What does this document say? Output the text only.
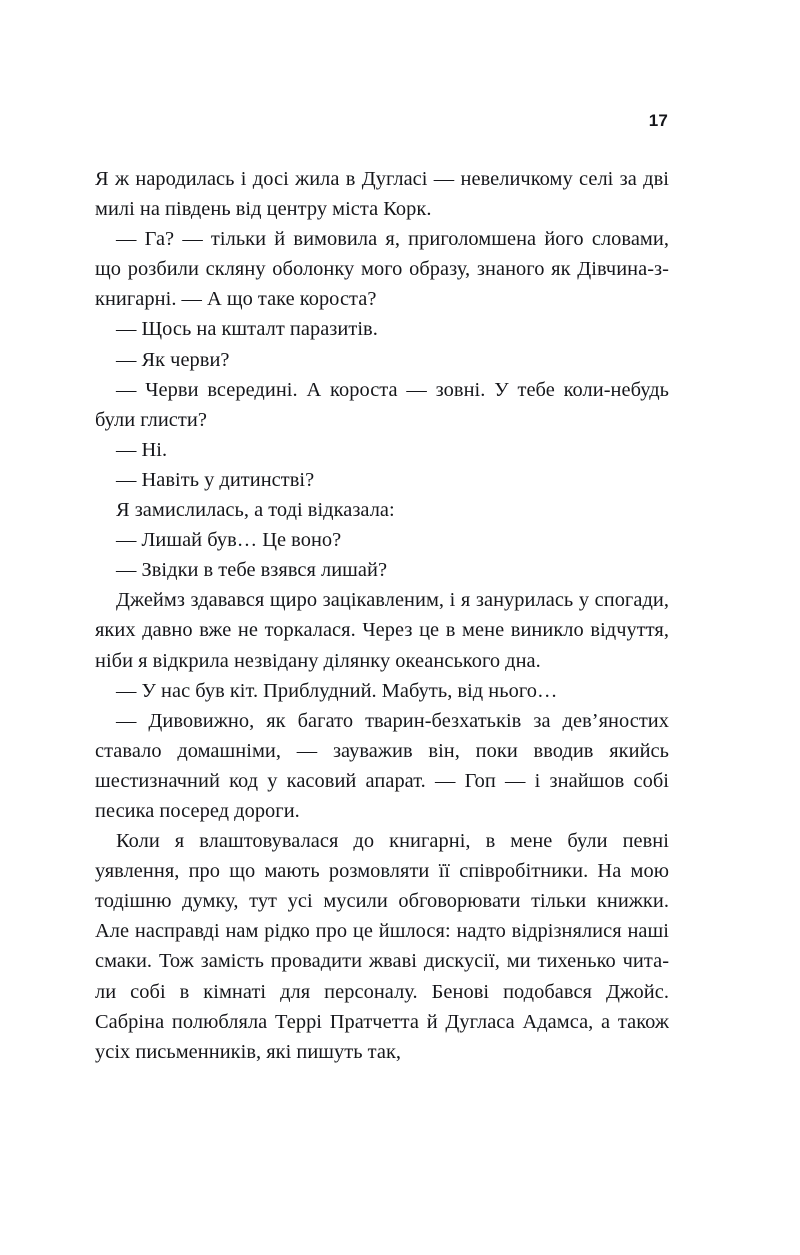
17

Я ж народилась і досі жила в Дугласі — невеличкому селі за дві милі на південь від центру міста Корк.

— Га? — тільки й вимовила я, приголомшена його словами, що розбили скляну оболонку мого образу, знаного як Дівчина-з-книгарні. — А що таке короста?

— Щось на кшталт паразитів.

— Як черви?

— Черви всередині. А короста — зовні. У тебе коли-небудь були глисти?

— Ні.

— Навіть у дитинстві?

Я замислилась, а тоді відказала:

— Лишай був… Це воно?

— Звідки в тебе взявся лишай?

Джеймз здавався щиро зацікавленим, і я занурилась у спогади, яких давно вже не торкалася. Через це в мене виникло відчуття, ніби я відкрила незвідану ділянку океанського дна.

— У нас був кіт. Приблудний. Мабуть, від нього…

— Дивовижно, як багато тварин-безхатьків за дев’яностих ставало домашніми, — зауважив він, поки вводив якийсь шестизначний код у касовий апарат. — Гоп — і знайшов собі песика посеред дороги.

Коли я влаштовувалася до книгарні, в мене були певні уявлення, про що мають розмовляти її співробітники. На мою тодішню думку, тут усі мусили обговорювати тільки книжки. Але насправді нам рідко про це йшлося: надто відрізнялися наші смаки. Тож замість провадити жваві дискусії, ми тихенько читали собі в кімнаті для персоналу. Бенові подобався Джойс. Сабріна полюбляла Террі Пратчетта й Дугласа Адамса, а також усіх письменників, які пишуть так,
